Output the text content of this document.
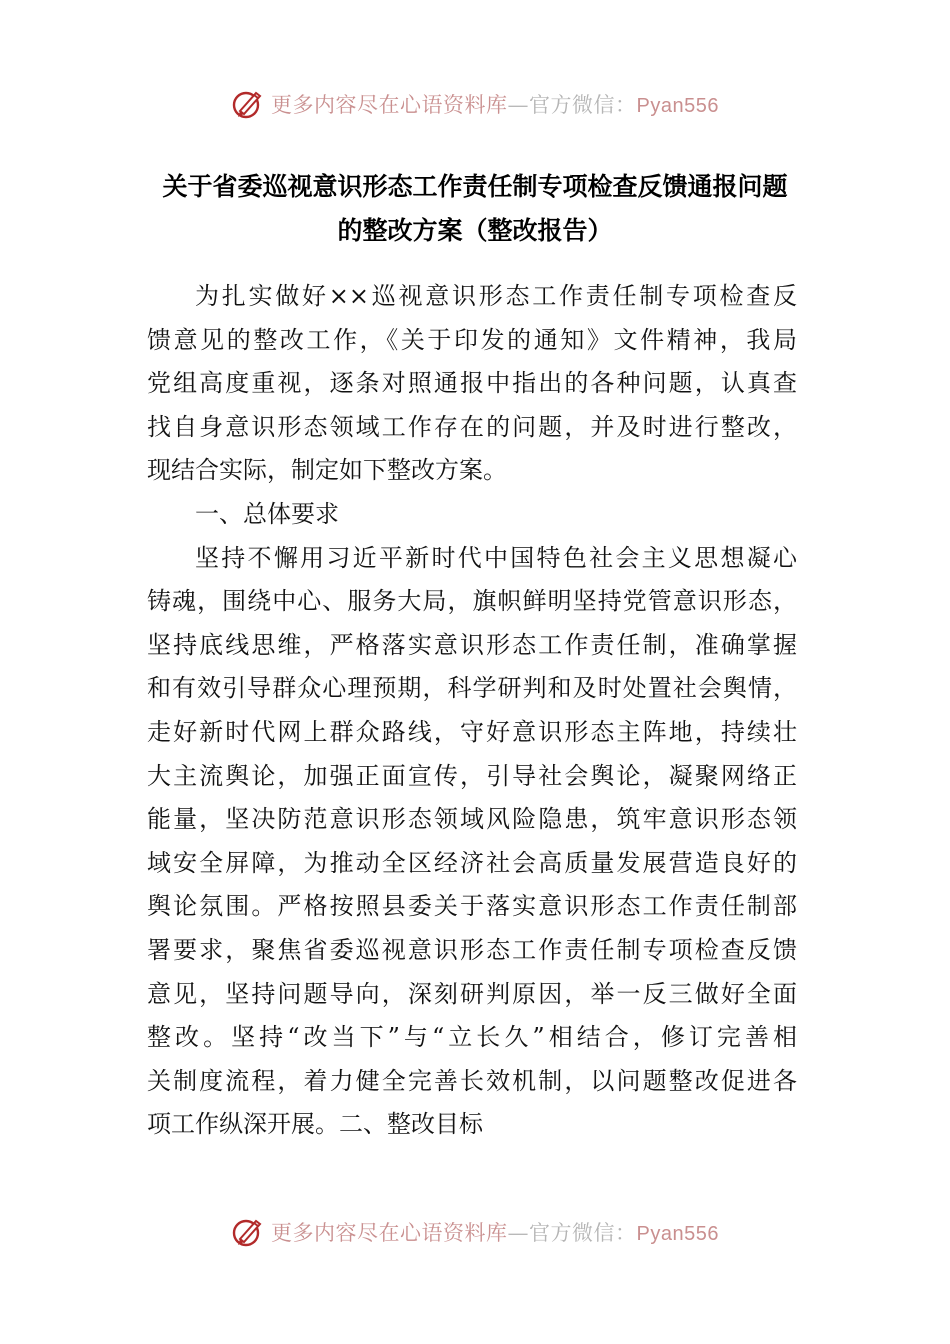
更多内容尽在心语资料库—官方微信：Pyan556
关于省委巡视意识形态工作责任制专项检查反馈通报问题
的整改方案（整改报告）
为扎实做好××巡视意识形态工作责任制专项检查反
馈意见的整改工作，《关于印发的通知》文件精神，我局
党组高度重视，逐条对照通报中指出的各种问题，认真查
找自身意识形态领域工作存在的问题，并及时进行整改，
现结合实际，制定如下整改方案。
一、总体要求
坚持不懈用习近平新时代中国特色社会主义思想凝心
铸魂，围绕中心、服务大局，旗帜鲜明坚持党管意识形态，
坚持底线思维，严格落实意识形态工作责任制，准确掌握
和有效引导群众心理预期，科学研判和及时处置社会舆情，
走好新时代网上群众路线，守好意识形态主阵地，持续壮
大主流舆论，加强正面宣传，引导社会舆论，凝聚网络正
能量，坚决防范意识形态领域风险隐患，筑牢意识形态领
域安全屏障，为推动全区经济社会高质量发展营造良好的
舆论氛围。严格按照县委关于落实意识形态工作责任制部
署要求，聚焦省委巡视意识形态工作责任制专项检查反馈
意见，坚持问题导向，深刻研判原因，举一反三做好全面
整改。坚持“改当下”与“立长久”相结合，修订完善相
关制度流程，着力健全完善长效机制，以问题整改促进各
项工作纵深开展。二、整改目标
更多内容尽在心语资料库—官方微信：Pyan556
